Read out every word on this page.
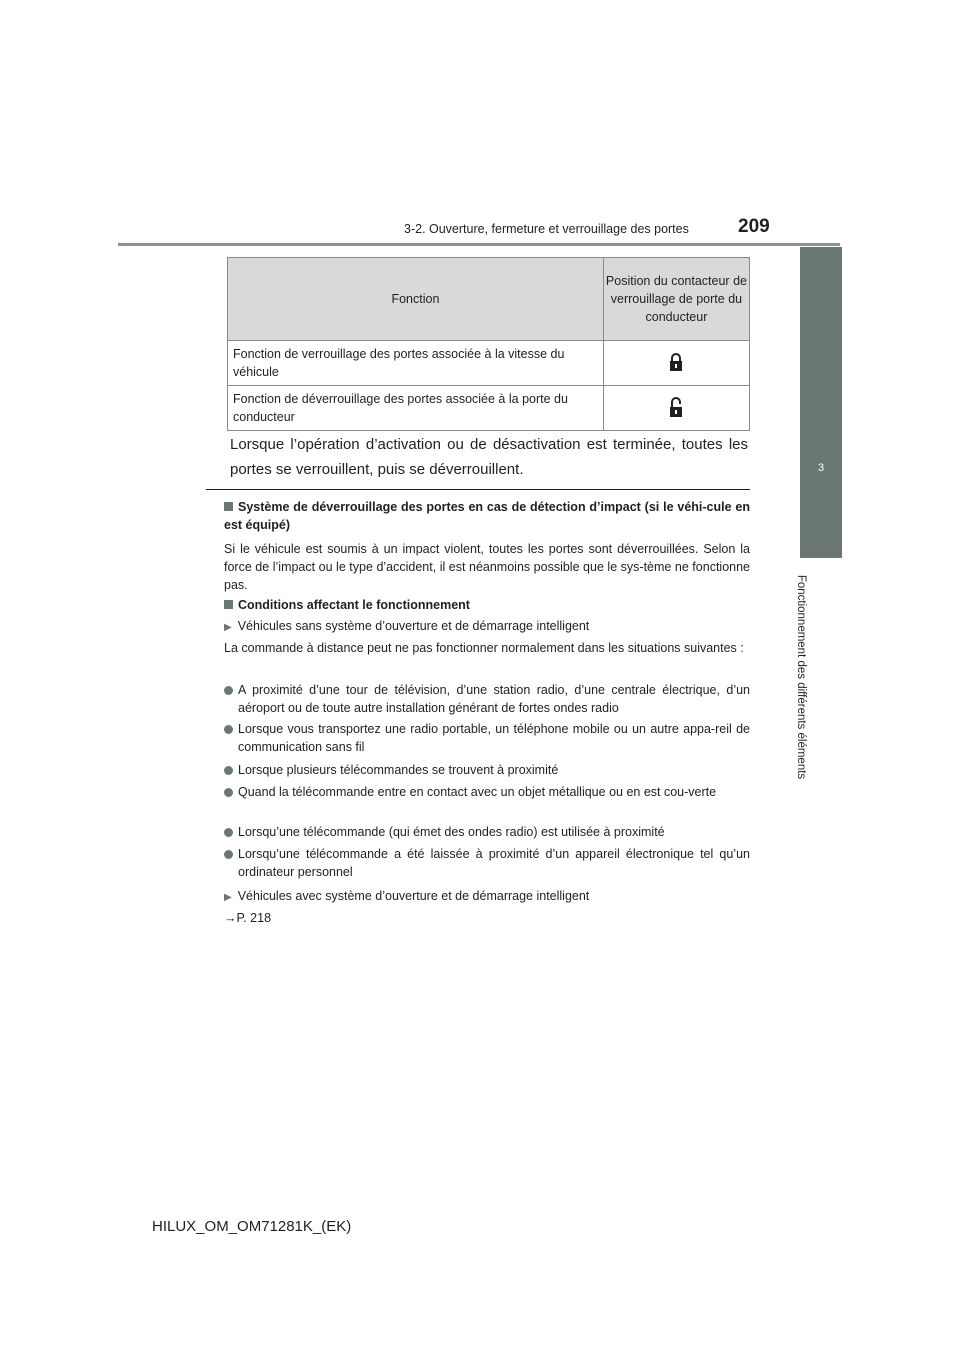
3-2. Ouverture, fermeture et verrouillage des portes	209
3
Fonctionnement des différents éléments
Fonction	Position du contacteur de verrouillage de porte du conducteur
Fonction de verrouillage des portes associée à la vitesse du véhicule	
Fonction de déverrouillage des portes associée à la porte du conducteur	
Lorsque l’opération d’activation ou de désactivation est terminée, toutes les portes se verrouillent, puis se déverrouillent.
Système de déverrouillage des portes en cas de détection d’impact (si le véhi-cule en est équipé)
Si le véhicule est soumis à un impact violent, toutes les portes sont déverrouillées. Selon la force de l’impact ou le type d’accident, il est néanmoins possible que le sys-tème ne fonctionne pas.
Conditions affectant le fonctionnement
▶ Véhicules sans système d’ouverture et de démarrage intelligent
La commande à distance peut ne pas fonctionner normalement dans les situations suivantes :
A proximité d’une tour de télévision, d’une station radio, d’une centrale électrique, d’un aéroport ou de toute autre installation générant de fortes ondes radio
Lorsque vous transportez une radio portable, un téléphone mobile ou un autre appa-reil de communication sans fil
Lorsque plusieurs télécommandes se trouvent à proximité
Quand la télécommande entre en contact avec un objet métallique ou en est cou-verte
Lorsqu’une télécommande (qui émet des ondes radio) est utilisée à proximité
Lorsqu’une télécommande a été laissée à proximité d’un appareil électronique tel qu’un ordinateur personnel
▶ Véhicules avec système d’ouverture et de démarrage intelligent
→P. 218
HILUX_OM_OM71281K_(EK)
